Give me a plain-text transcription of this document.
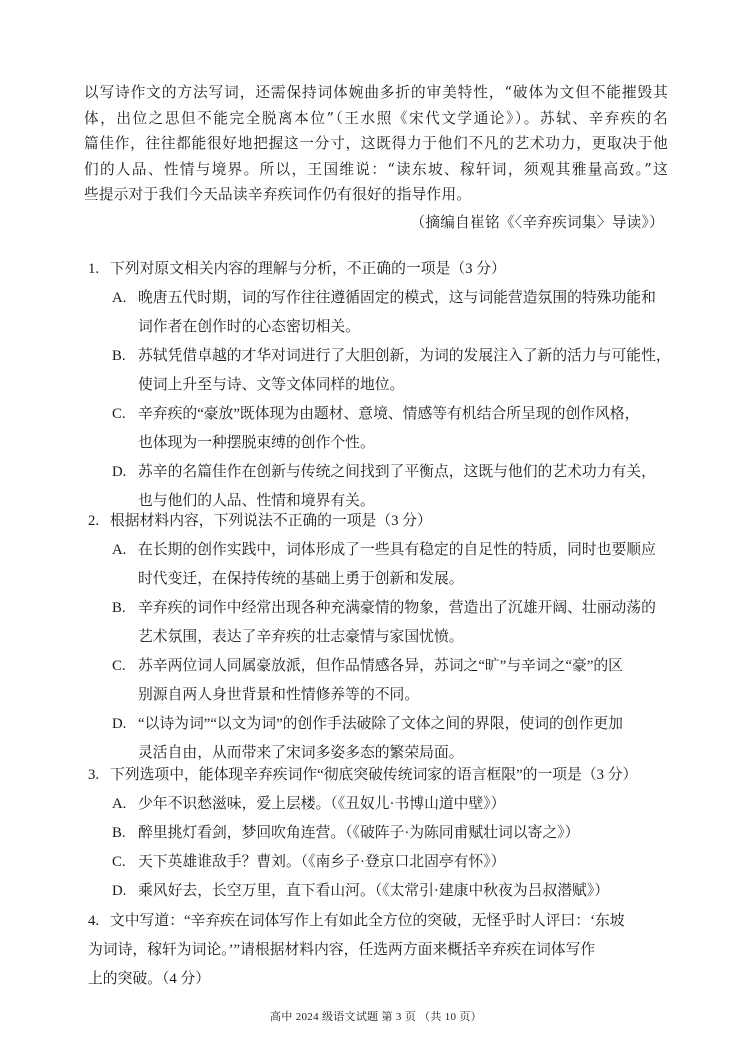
以写诗作文的方法写词，还需保持词体婉曲多折的审美特性，“破体为文但不能摧毁其
体，出位之思但不能完全脱离本位”（王水照《宋代文学通论》）。苏轼、辛弃疾的名
篇佳作，往往都能很好地把握这一分寸，这既得力于他们不凡的艺术功力，更取决于他
们的人品、性情与境界。所以，王国维说：“读东坡、稼轩词，须观其雅量高致。”这
些提示对于我们今天品读辛弃疾词作仍有很好的指导作用。
（摘编自崔铭《〈辛弃疾词集〉导读》）
1. 下列对原文相关内容的理解与分析，不正确的一项是（3 分）
A. 晚唐五代时期，词的写作往往遵循固定的模式，这与词能营造氛围的特殊功能和
词作者在创作时的心态密切相关。
B. 苏轼凭借卓越的才华对词进行了大胆创新，为词的发展注入了新的活力与可能性，
使词上升至与诗、文等文体同样的地位。
C. 辛弃疾的“豪放”既体现为由题材、意境、情感等有机结合所呈现的创作风格，
也体现为一种摆脱束缚的创作个性。
D. 苏辛的名篇佳作在创新与传统之间找到了平衡点，这既与他们的艺术功力有关，
也与他们的人品、性情和境界有关。
2. 根据材料内容，下列说法不正确的一项是（3 分）
A. 在长期的创作实践中，词体形成了一些具有稳定的自足性的特质，同时也要顺应
时代变迁，在保持传统的基础上勇于创新和发展。
B. 辛弃疾的词作中经常出现各种充满豪情的物象，营造出了沉雄开阔、壮丽动荡的
艺术氛围，表达了辛弃疾的壮志豪情与家国忧愤。
C. 苏辛两位词人同属豪放派，但作品情感各异，苏词之“旷”与辛词之“豪”的区
别源自两人身世背景和性情修养等的不同。
D. “以诗为词”“以文为词”的创作手法破除了文体之间的界限，使词的创作更加
灵活自由，从而带来了宋词多姿多态的繁荣局面。
3. 下列选项中，能体现辛弃疾词作“彻底突破传统词家的语言框限”的一项是（3 分）
A. 少年不识愁滋味，爱上层楼。（《丑奴儿·书博山道中壁》）
B. 醉里挑灯看剑，梦回吹角连营。（《破阵子·为陈同甫赋壮词以寄之》）
C. 天下英雄谁敌手？曹刘。（《南乡子·登京口北固亭有怀》）
D. 乘风好去，长空万里，直下看山河。（《太常引·建康中秋夜为吕叔潜赋》）
4. 文中写道：“辛弃疾在词体写作上有如此全方位的突破，无怪乎时人评曰：‘东坡
为词诗，稼轩为词论。’”请根据材料内容，任选两方面来概括辛弃疾在词体写作
上的突破。（4 分）
高中 2024 级语文试题 第 3 页 （共 10 页）
